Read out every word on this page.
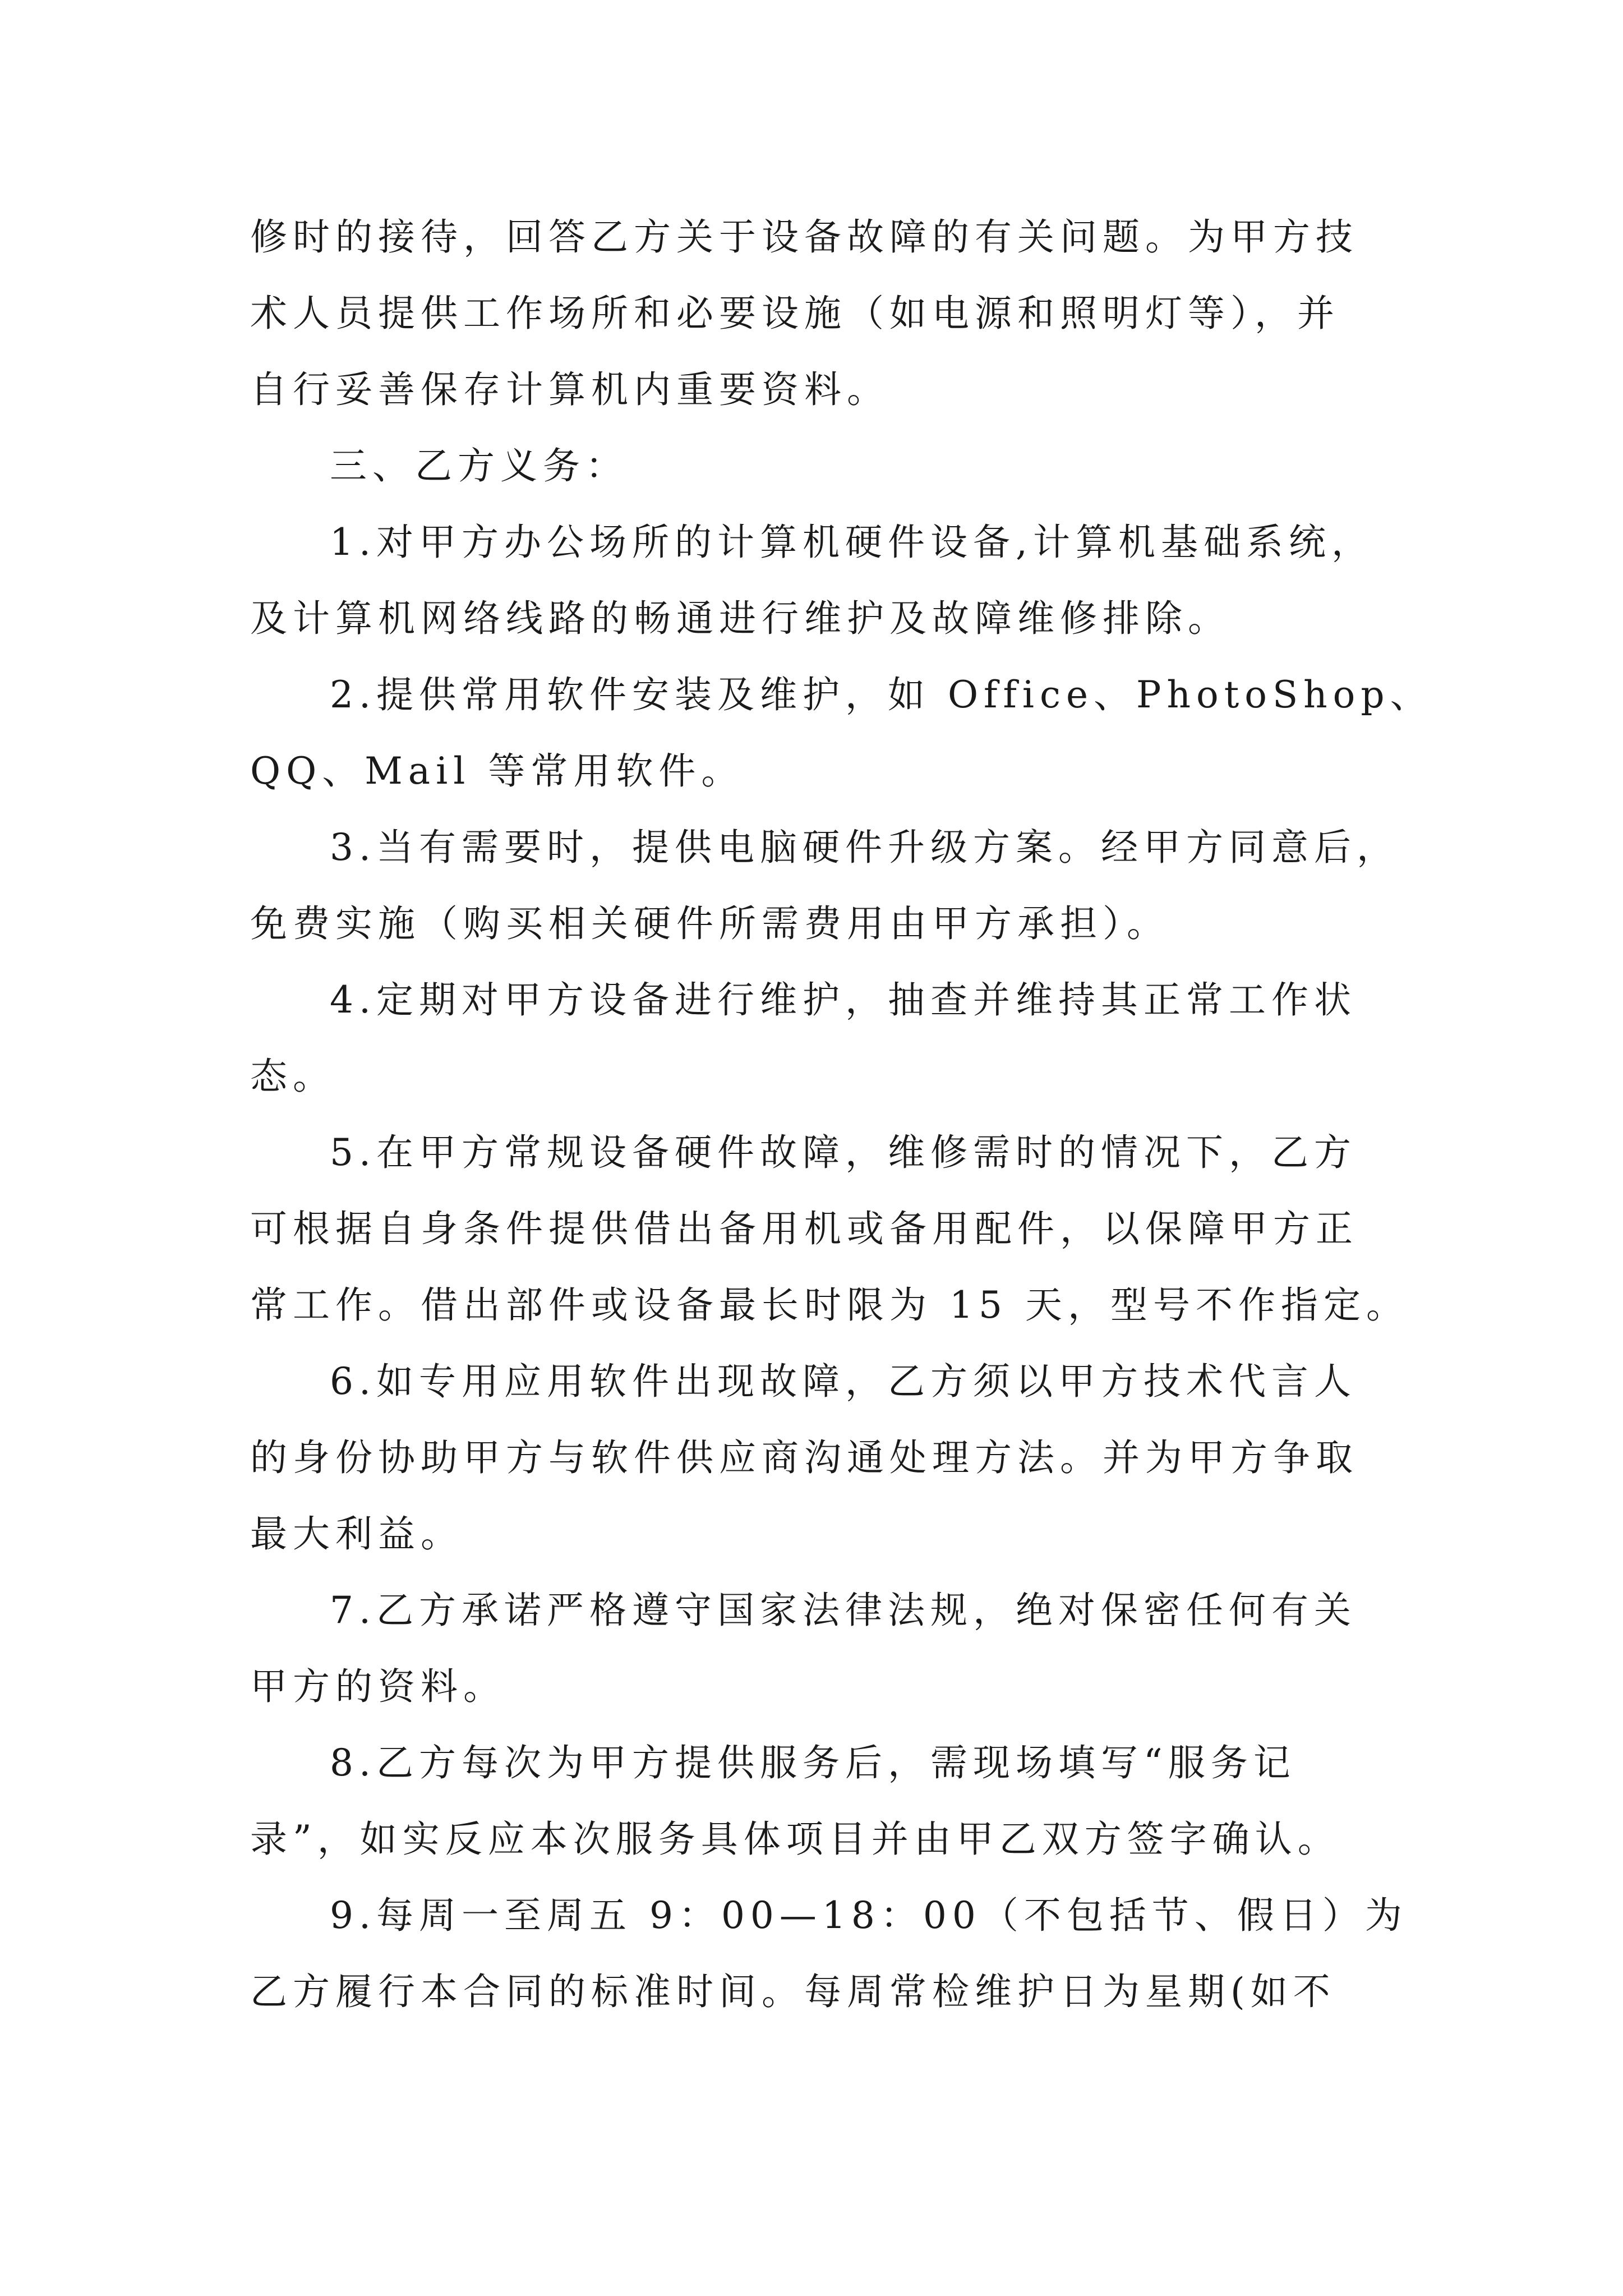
修时的接待，回答乙方关于设备故障的有关问题。为甲方技
术人员提供工作场所和必要设施（如电源和照明灯等），并
自行妥善保存计算机内重要资料。
三、乙方义务：
1.对甲方办公场所的计算机硬件设备,计算机基础系统，
及计算机网络线路的畅通进行维护及故障维修排除。
2.提供常用软件安装及维护，如 Office、PhotoShop、
QQ、Mail 等常用软件。
3.当有需要时，提供电脑硬件升级方案。经甲方同意后，
免费实施（购买相关硬件所需费用由甲方承担）。
4.定期对甲方设备进行维护，抽查并维持其正常工作状
态。
5.在甲方常规设备硬件故障，维修需时的情况下，乙方
可根据自身条件提供借出备用机或备用配件，以保障甲方正
常工作。借出部件或设备最长时限为 15 天，型号不作指定。
6.如专用应用软件出现故障，乙方须以甲方技术代言人
的身份协助甲方与软件供应商沟通处理方法。并为甲方争取
最大利益。
7.乙方承诺严格遵守国家法律法规，绝对保密任何有关
甲方的资料。
8.乙方每次为甲方提供服务后，需现场填写“服务记
录”，如实反应本次服务具体项目并由甲乙双方签字确认。
9.每周一至周五 9：00—18：00（不包括节、假日）为
乙方履行本合同的标准时间。每周常检维护日为星期(如不
